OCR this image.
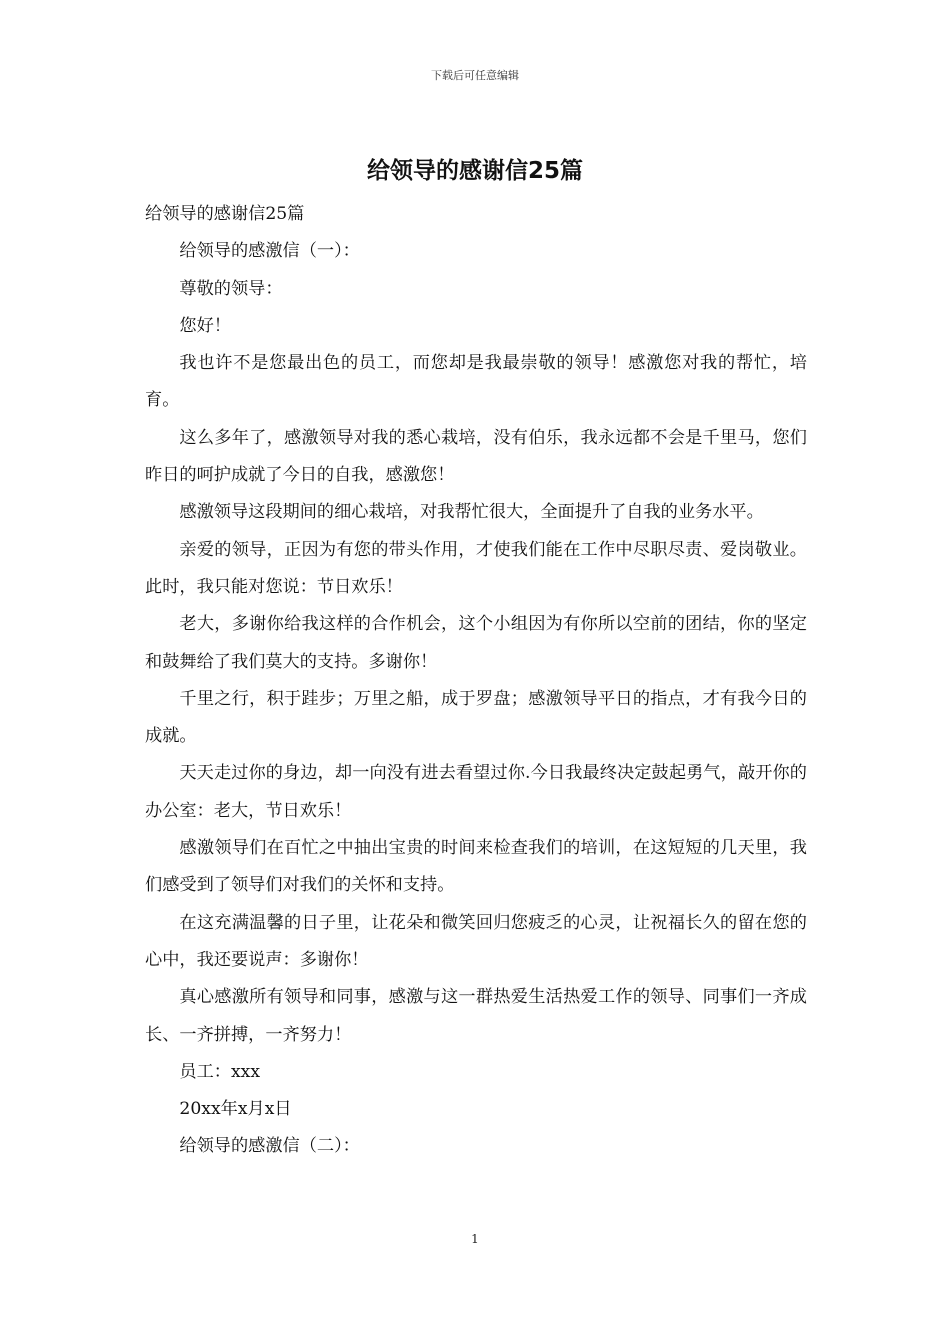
下载后可任意编辑
给领导的感谢信25篇

给领导的感谢信25篇

给领导的感激信（一）：

尊敬的领导：

您好！

我也许不是您最出色的员工，而您却是我最崇敬的领导！感激您对我的帮忙，培育。

这么多年了，感激领导对我的悉心栽培，没有伯乐，我永远都不会是千里马，您们昨日的呵护成就了今日的自我，感激您！

感激领导这段期间的细心栽培，对我帮忙很大，全面提升了自我的业务水平。

亲爱的领导，正因为有您的带头作用，才使我们能在工作中尽职尽责、爱岗敬业。此时，我只能对您说：节日欢乐！

老大，多谢你给我这样的合作机会，这个小组因为有你所以空前的团结，你的坚定和鼓舞给了我们莫大的支持。多谢你！

千里之行，积于跬步；万里之船，成于罗盘；感激领导平日的指点，才有我今日的成就。

天天走过你的身边，却一向没有进去看望过你.今日我最终决定鼓起勇气，敲开你的办公室：老大，节日欢乐！

感激领导们在百忙之中抽出宝贵的时间来检查我们的培训，在这短短的几天里，我们感受到了领导们对我们的关怀和支持。

在这充满温馨的日子里，让花朵和微笑回归您疲乏的心灵，让祝福长久的留在您的心中，我还要说声：多谢你！

真心感激所有领导和同事，感激与这一群热爱生活热爱工作的领导、同事们一齐成长、一齐拼搏，一齐努力！

员工：xxx

20xx年x月x日

给领导的感激信（二）：

1
